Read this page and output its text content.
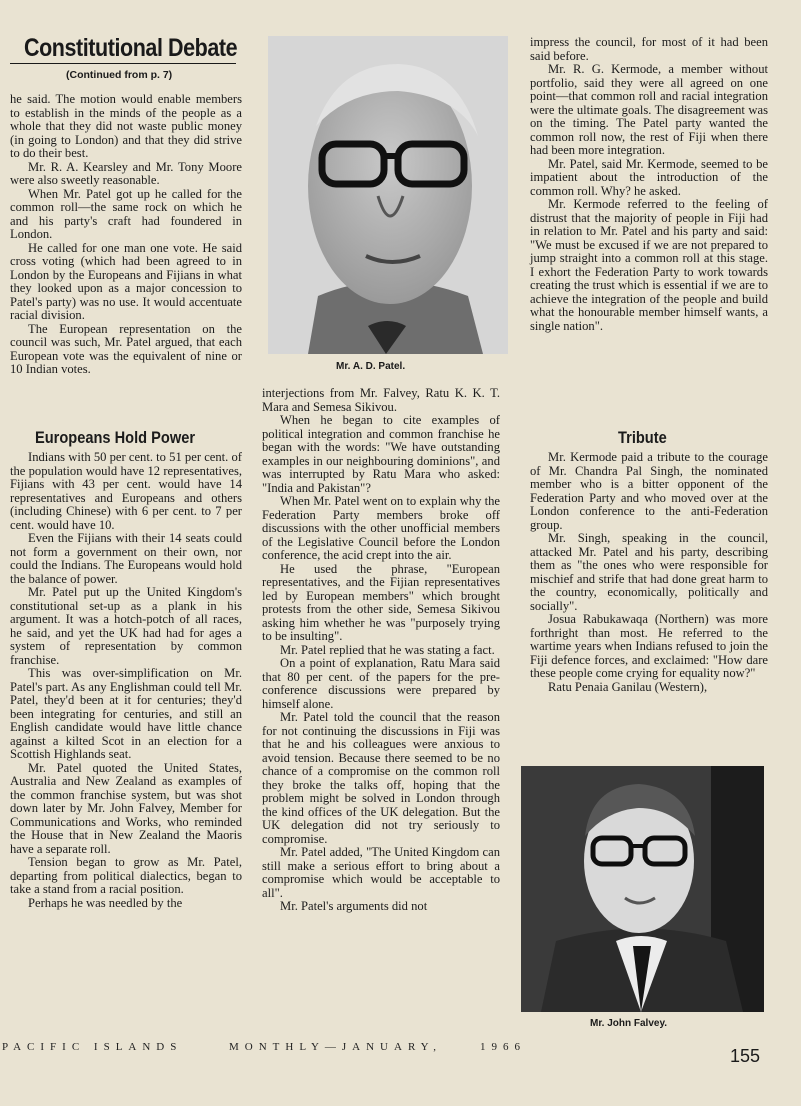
Constitutional Debate
(Continued from p. 7)

he said. The motion would enable members to establish in the minds of the people as a whole that they did not waste public money (in going to London) and that they did strive to do their best.

Mr. R. A. Kearsley and Mr. Tony Moore were also sweetly reasonable.

When Mr. Patel got up he called for the common roll—the same rock on which he and his party's craft had foundered in London.

He called for one man one vote. He said cross voting (which had been agreed to in London by the Europeans and Fijians in what they looked upon as a major concession to Patel's party) was no use. It would accentuate racial division.

The European representation on the council was such, Mr. Patel argued, that each European vote was the equivalent of nine or 10 Indian votes.

Europeans Hold Power

Indians with 50 per cent. to 51 per cent. of the population would have 12 representatives, Fijians with 43 per cent. would have 14 representatives and Europeans and others (including Chinese) with 6 per cent. to 7 per cent. would have 10.

Even the Fijians with their 14 seats could not form a government on their own, nor could the Indians. The Europeans would hold the balance of power.

Mr. Patel put up the United Kingdom's constitutional set-up as a plank in his argument. It was a hotch-potch of all races, he said, and yet the UK had had for ages a system of representation by common franchise.

This was over-simplification on Mr. Patel's part. As any Englishman could tell Mr. Patel, they'd been at it for centuries; they'd been integrating for centuries, and still an English candidate would have little chance against a kilted Scot in an election for a Scottish Highlands seat.

Mr. Patel quoted the United States, Australia and New Zealand as examples of the common franchise system, but was shot down later by Mr. John Falvey, Member for Communications and Works, who reminded the House that in New Zealand the Maoris have a separate roll.

Tension began to grow as Mr. Patel, departing from political dialectics, began to take a stand from a racial position.

Perhaps he was needled by the

Mr. A. D. Patel.

interjections from Mr. Falvey, Ratu K. K. T. Mara and Semesa Sikivou.

When he began to cite examples of political integration and common franchise he began with the words: "We have outstanding examples in our neighbouring dominions", and was interrupted by Ratu Mara who asked: "India and Pakistan"?

When Mr. Patel went on to explain why the Federation Party members broke off discussions with the other unofficial members of the Legislative Council before the London conference, the acid crept into the air.

He used the phrase, "European representatives, and the Fijian representatives led by European members" which brought protests from the other side, Semesa Sikivou asking him whether he was "purposely trying to be insulting".

Mr. Patel replied that he was stating a fact.

On a point of explanation, Ratu Mara said that 80 per cent. of the papers for the pre-conference discussions were prepared by himself alone.

Mr. Patel told the council that the reason for not continuing the discussions in Fiji was that he and his colleagues were anxious to avoid tension. Because there seemed to be no chance of a compromise on the common roll they broke the talks off, hoping that the problem might be solved in London through the kind offices of the UK delegation. But the UK delegation did not try seriously to compromise.

Mr. Patel added, "The United Kingdom can still make a serious effort to bring about a compromise which would be acceptable to all".

Mr. Patel's arguments did not

impress the council, for most of it had been said before.

Mr. R. G. Kermode, a member without portfolio, said they were all agreed on one point—that common roll and racial integration were the ultimate goals. The disagreement was on the timing. The Patel party wanted the common roll now, the rest of Fiji when there had been more integration.

Mr. Patel, said Mr. Kermode, seemed to be impatient about the introduction of the common roll. Why? he asked.

Mr. Kermode referred to the feeling of distrust that the majority of people in Fiji had in relation to Mr. Patel and his party and said: "We must be excused if we are not prepared to jump straight into a common roll at this stage. I exhort the Federation Party to work towards creating the trust which is essential if we are to achieve the integration of the people and build what the honourable member himself wants, a single nation".

Tribute

Mr. Kermode paid a tribute to the courage of Mr. Chandra Pal Singh, the nominated member who is a bitter opponent of the Federation Party and who moved over at the London conference to the anti-Federation group.

Mr. Singh, speaking in the council, attacked Mr. Patel and his party, describing them as "the ones who were responsible for mischief and strife that had done great harm to the country, economically, politically and socially".

Josua Rabukawaqa (Northern) was more forthright than most. He referred to the wartime years when Indians refused to join the Fiji defence forces, and exclaimed: "How dare these people come crying for equality now?"

Ratu Penaia Ganilau (Western),

Mr. John Falvey.
PACIFIC ISLANDS	MONTHLY—JANUARY,	1966	155
